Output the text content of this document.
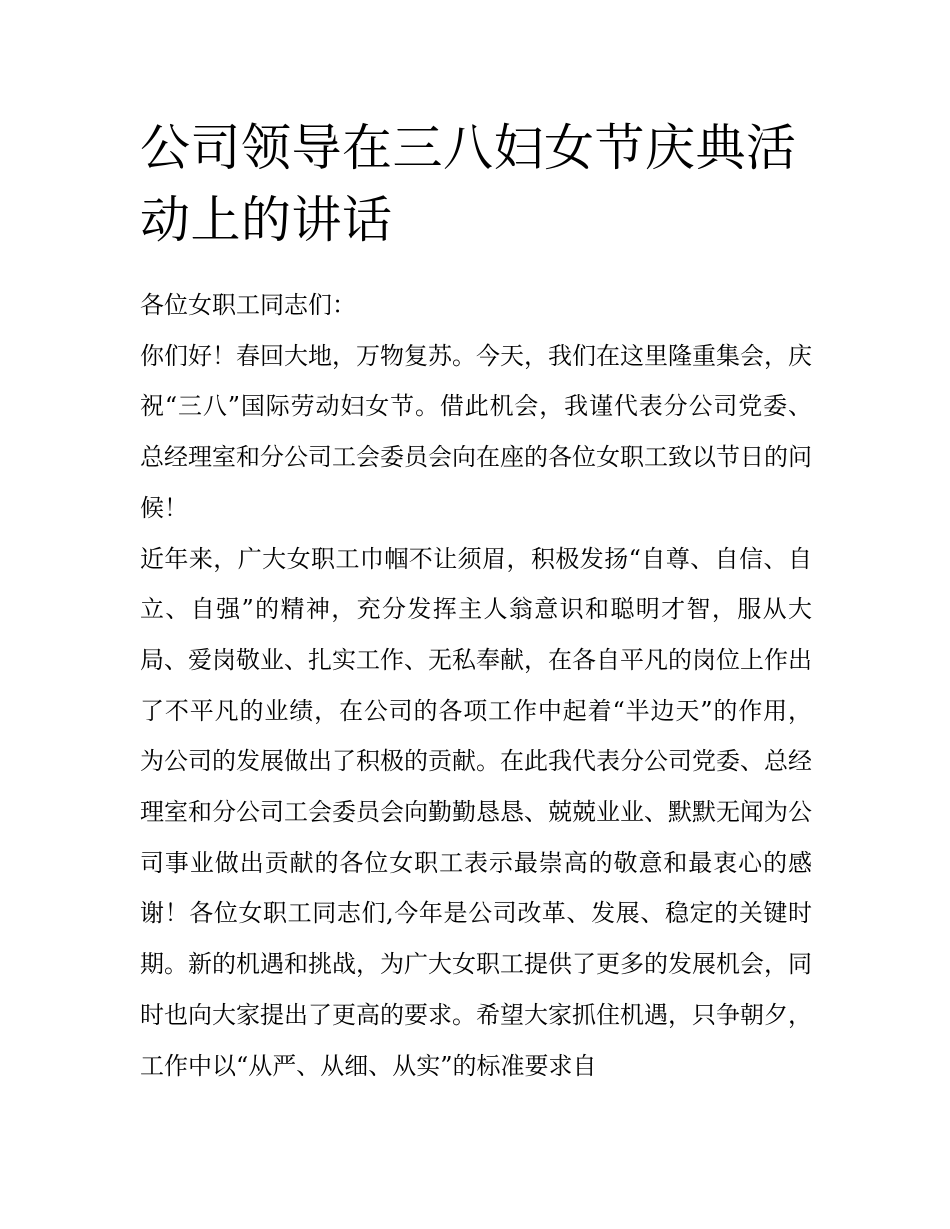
公司领导在三八妇女节庆典活动上的讲话

各位女职工同志们：

你们好！春回大地，万物复苏。今天，我们在这里隆重集会，庆祝“三八”国际劳动妇女节。借此机会，我谨代表分公司党委、总经理室和分公司工会委员会向在座的各位女职工致以节日的问候！

近年来，广大女职工巾帼不让须眉，积极发扬“自尊、自信、自立、自强”的精神，充分发挥主人翁意识和聪明才智，服从大局、爱岗敬业、扎实工作、无私奉献，在各自平凡的岗位上作出了不平凡的业绩，在公司的各项工作中起着“半边天”的作用，为公司的发展做出了积极的贡献。在此我代表分公司党委、总经理室和分公司工会委员会向勤勤恳恳、兢兢业业、默默无闻为公司事业做出贡献的各位女职工表示最崇高的敬意和最衷心的感谢！各位女职工同志们,今年是公司改革、发展、稳定的关键时期。新的机遇和挑战，为广大女职工提供了更多的发展机会，同时也向大家提出了更高的要求。希望大家抓住机遇，只争朝夕，工作中以“从严、从细、从实”的标准要求自
